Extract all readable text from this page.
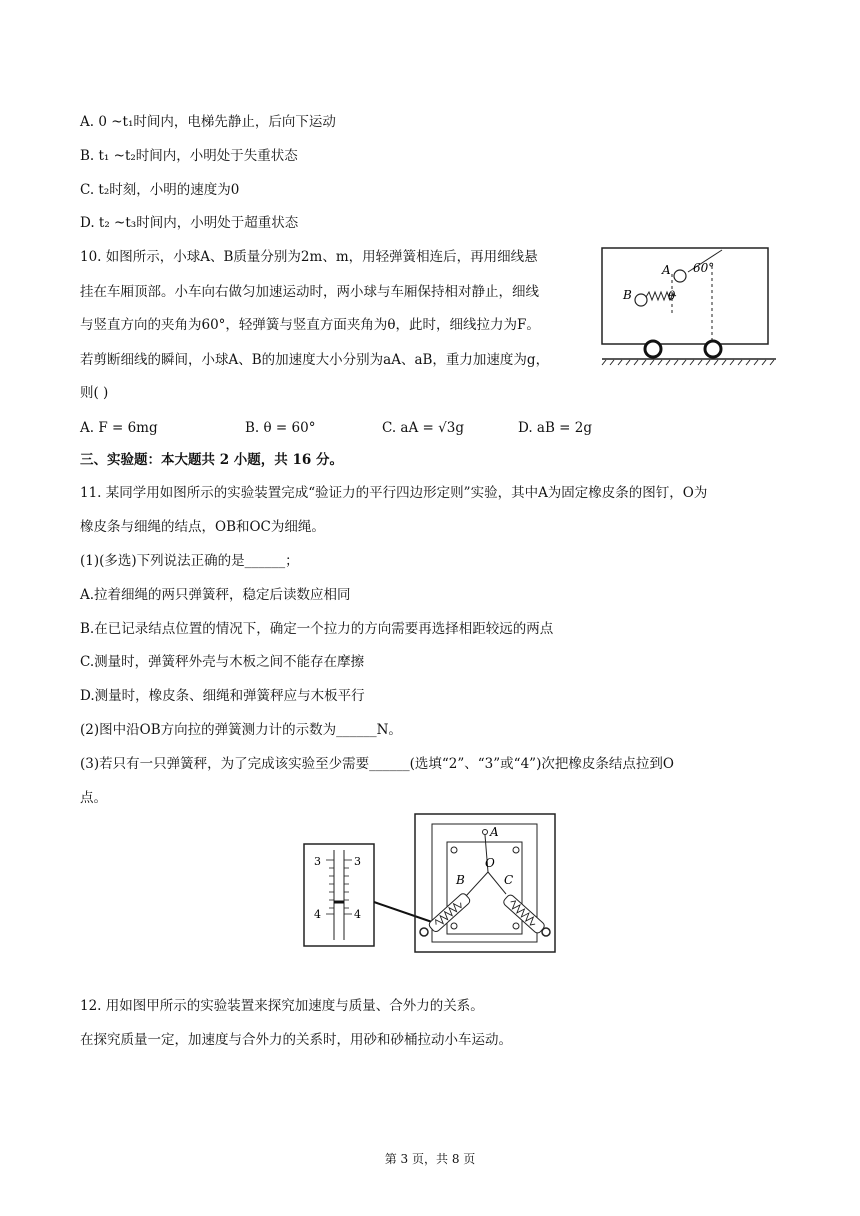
A. 0 ~t₁时间内，电梯先静止，后向下运动
B. t₁ ~t₂时间内，小明处于失重状态
C. t₂时刻，小明的速度为0
D. t₂ ~t₃时间内，小明处于超重状态
10. 如图所示，小球A、B质量分别为2m、m，用轻弹簧相连后，再用细线悬
挂在车厢顶部。小车向右做匀加速运动时，两小球与车厢保持相对静止，细线
与竖直方向的夹角为60°，轻弹簧与竖直方面夹角为θ，此时，细线拉力为F。
若剪断细线的瞬间，小球A、B的加速度大小分别为aA、aB，重力加速度为g，
则( )
60°
A
B	θ
A. F = 6mg	B. θ = 60°	C. aA = √3g	D. aB = 2g
三、实验题：本大题共 2 小题，共 16 分。
11. 某同学用如图所示的实验装置完成“验证力的平行四边形定则”实验，其中A为固定橡皮条的图钉，O为
橡皮条与细绳的结点，OB和OC为细绳。
(1)(多选)下列说法正确的是______；
A.拉着细绳的两只弹簧秤，稳定后读数应相同
B.在已记录结点位置的情况下，确定一个拉力的方向需要再选择相距较远的两点
C.测量时，弹簧秤外壳与木板之间不能存在摩擦
D.测量时，橡皮条、细绳和弹簧秤应与木板平行
(2)图中沿OB方向拉的弹簧测力计的示数为______N。
(3)若只有一只弹簧秤，为了完成该实验至少需要______(选填“2”、“3”或“4”)次把橡皮条结点拉到O
点。
3	3
4	4
A
O
B	C
12. 用如图甲所示的实验装置来探究加速度与质量、合外力的关系。
在探究质量一定，加速度与合外力的关系时，用砂和砂桶拉动小车运动。
第 3 页，共 8 页
